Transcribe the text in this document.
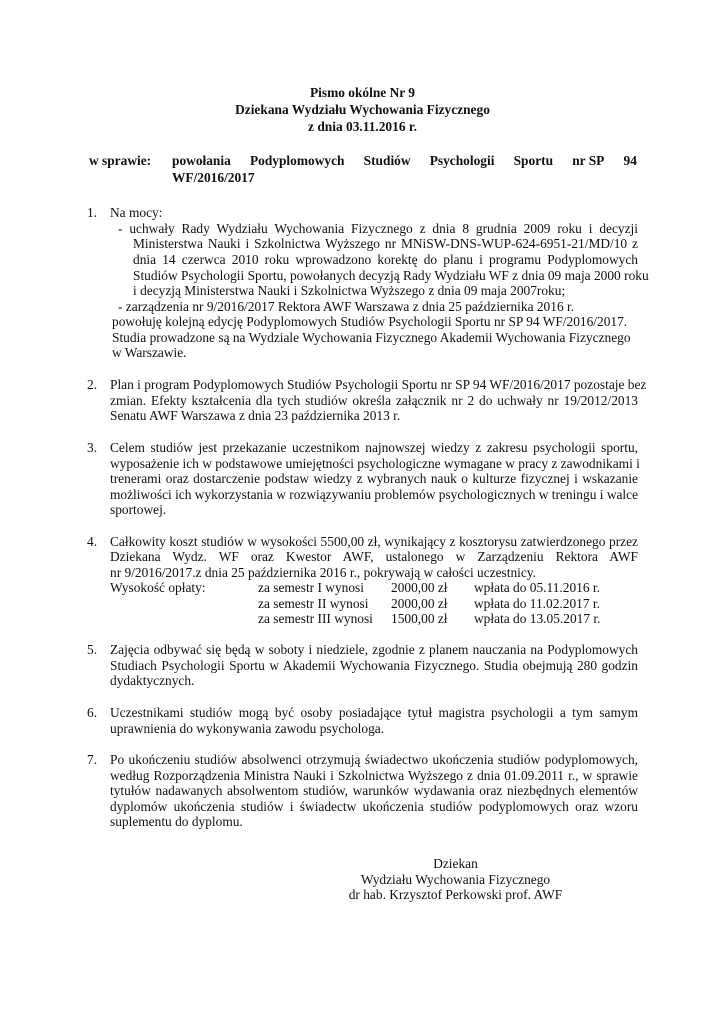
Pismo okólne Nr 9
Dziekana Wydziału Wychowania Fizycznego
z dnia 03.11.2016 r.
w sprawie: powołania Podyplomowych Studiów Psychologii Sportu nr SP 94
WF/2016/2017
1. Na mocy:
- uchwały Rady Wydziału Wychowania Fizycznego z dnia 8 grudnia 2009 roku i decyzji
Ministerstwa Nauki i Szkolnictwa Wyższego nr MNiSW-DNS-WUP-624-6951-21/MD/10 z
dnia 14 czerwca 2010 roku wprowadzono korektę do planu i programu Podyplomowych
Studiów Psychologii Sportu, powołanych decyzją Rady Wydziału WF z dnia 09 maja 2000 roku
i decyzją Ministerstwa Nauki i Szkolnictwa Wyższego z dnia 09 maja 2007roku;
- zarządzenia nr 9/2016/2017 Rektora AWF Warszawa z dnia 25 października 2016 r.
powołuję kolejną edycję Podyplomowych Studiów Psychologii Sportu nr SP 94 WF/2016/2017.
Studia prowadzone są na Wydziale Wychowania Fizycznego Akademii Wychowania Fizycznego
w Warszawie.
2. Plan i program Podyplomowych Studiów Psychologii Sportu nr SP 94 WF/2016/2017 pozostaje bez
zmian. Efekty kształcenia dla tych studiów określa załącznik nr 2 do uchwały nr 19/2012/2013
Senatu AWF Warszawa z dnia 23 października 2013 r.
3. Celem studiów jest przekazanie uczestnikom najnowszej wiedzy z zakresu psychologii sportu,
wyposażenie ich w podstawowe umiejętności psychologiczne wymagane w pracy z zawodnikami i
trenerami oraz dostarczenie podstaw wiedzy z wybranych nauk o kulturze fizycznej i wskazanie
możliwości ich wykorzystania w rozwiązywaniu problemów psychologicznych w treningu i walce
sportowej.
4. Całkowity koszt studiów w wysokości 5500,00 zł, wynikający z kosztorysu zatwierdzonego przez
Dziekana Wydz. WF oraz Kwestor AWF, ustalonego w Zarządzeniu Rektora AWF
nr 9/2016/2017.z dnia 25 października 2016 r., pokrywają w całości uczestnicy.
Wysokość opłaty:	za semestr I wynosi 2000,00 zł wpłata do 05.11.2016 r.
za semestr II wynosi 2000,00 zł wpłata do 11.02.2017 r.
za semestr III wynosi 1500,00 zł wpłata do 13.05.2017 r.
5. Zajęcia odbywać się będą w soboty i niedziele, zgodnie z planem nauczania na Podyplomowych
Studiach Psychologii Sportu w Akademii Wychowania Fizycznego. Studia obejmują 280 godzin
dydaktycznych.
6. Uczestnikami studiów mogą być osoby posiadające tytuł magistra psychologii a tym samym
uprawnienia do wykonywania zawodu psychologa.
7. Po ukończeniu studiów absolwenci otrzymują świadectwo ukończenia studiów podyplomowych,
według Rozporządzenia Ministra Nauki i Szkolnictwa Wyższego z dnia 01.09.2011 r., w sprawie
tytułów nadawanych absolwentom studiów, warunków wydawania oraz niezbędnych elementów
dyplomów ukończenia studiów i świadectw ukończenia studiów podyplomowych oraz wzoru
suplementu do dyplomu.
Dziekan
Wydziału Wychowania Fizycznego
dr hab. Krzysztof Perkowski prof. AWF
